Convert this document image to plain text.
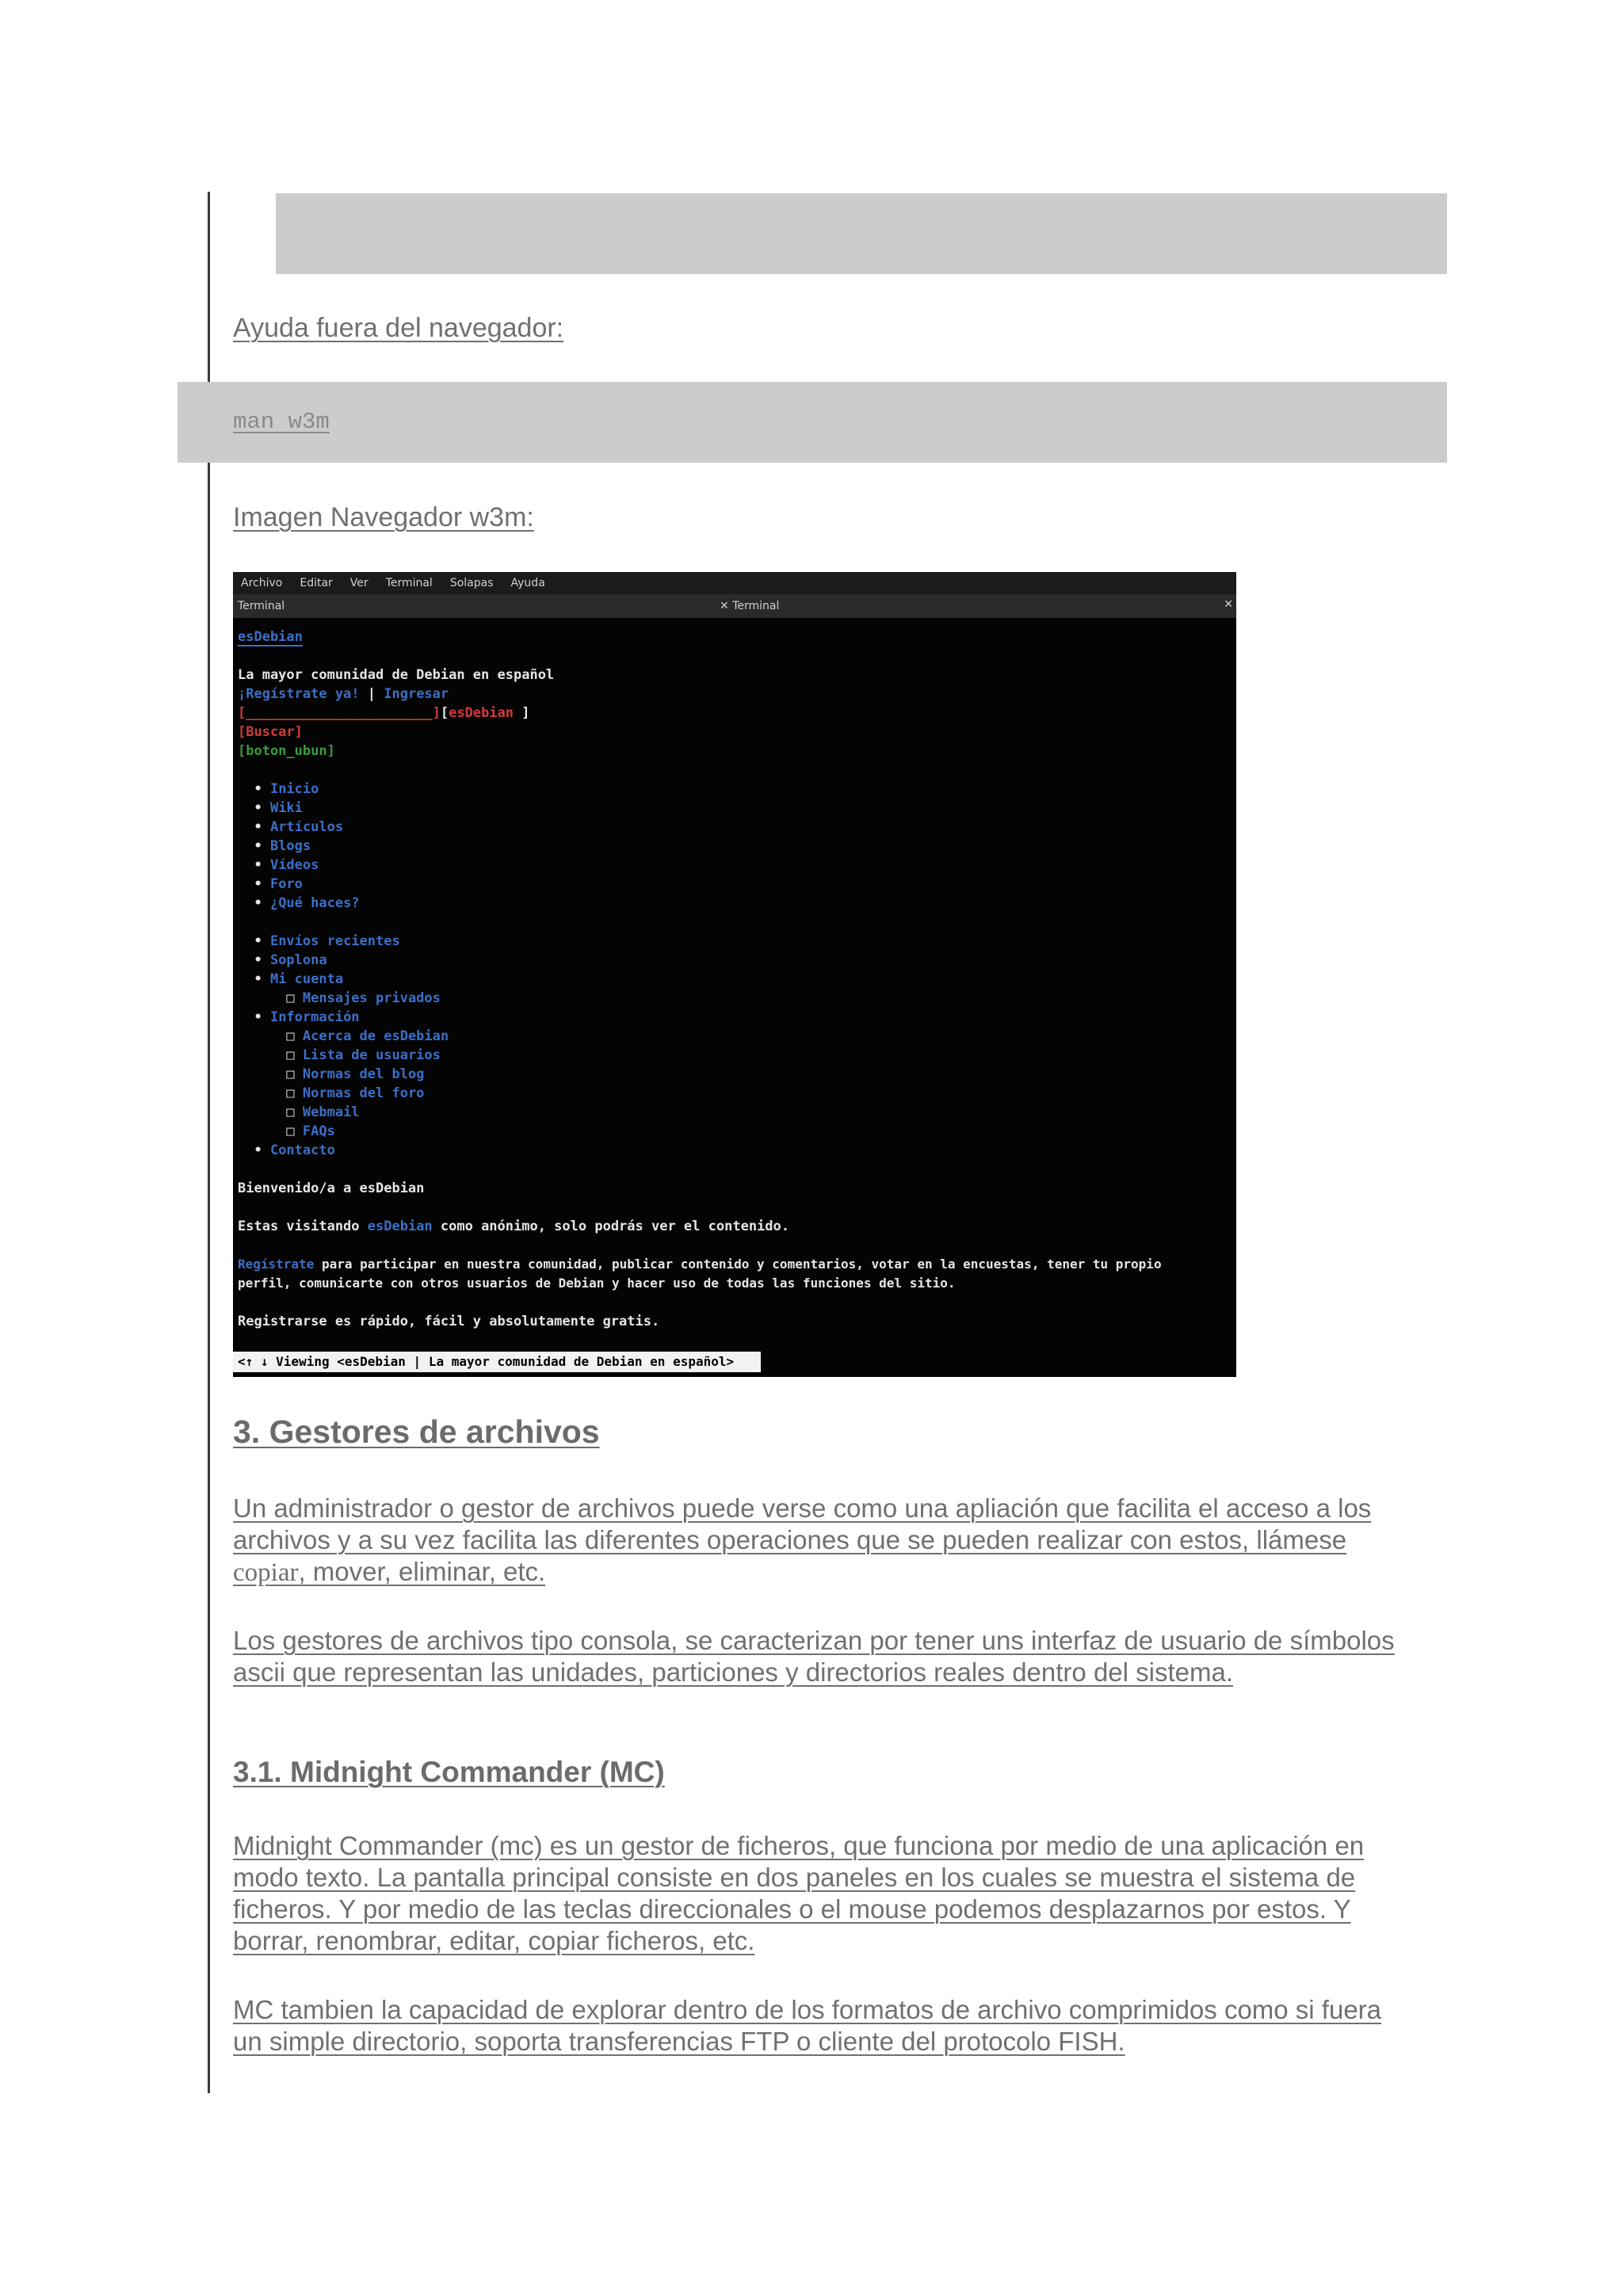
Ayuda fuera del navegador:

man w3m

Imagen Navegador w3m:

Archivo Editar Ver Terminal Solapas Ayuda
Terminal	✕ Terminal	✕
esDebian
La mayor comunidad de Debian en español
¡Regístrate ya! | Ingresar
[_______________________][esDebian ]
[Buscar]
[boton_ubun]
• Inicio
• Wiki
• Artículos
• Blogs
• Vídeos
• Foro
• ¿Qué haces?
• Envíos recientes
• Soplona
• Mi cuenta
□ Mensajes privados
• Información
□ Acerca de esDebian
□ Lista de usuarios
□ Normas del blog
□ Normas del foro
□ Webmail
□ FAQs
• Contacto
Bienvenido/a a esDebian
Estas visitando esDebian como anónimo, solo podrás ver el contenido.
Regístrate para participar en nuestra comunidad, publicar contenido y comentarios, votar en la encuestas, tener tu propio
perfil, comunicarte con otros usuarios de Debian y hacer uso de todas las funciones del sitio.
Registrarse es rápido, fácil y absolutamente gratis.
<↑ ↓ Viewing <esDebian | La mayor comunidad de Debian en español>
3. Gestores de archivos

Un administrador o gestor de archivos puede verse como una apliación que facilita el acceso a los archivos y a su vez facilita las diferentes operaciones que se pueden realizar con estos, llámese copiar, mover, eliminar, etc.

Los gestores de archivos tipo consola, se caracterizan por tener uns interfaz de usuario de símbolos ascii que representan las unidades, particiones y directorios reales dentro del sistema.

3.1. Midnight Commander (MC)

Midnight Commander (mc) es un gestor de ficheros, que funciona por medio de una aplicación en modo texto. La pantalla principal consiste en dos paneles en los cuales se muestra el sistema de ficheros. Y por medio de las teclas direccionales o el mouse podemos desplazarnos por estos. Y borrar, renombrar, editar, copiar ficheros, etc.

MC tambien la capacidad de explorar dentro de los formatos de archivo comprimidos como si fuera un simple directorio, soporta transferencias FTP o cliente del protocolo FISH.
